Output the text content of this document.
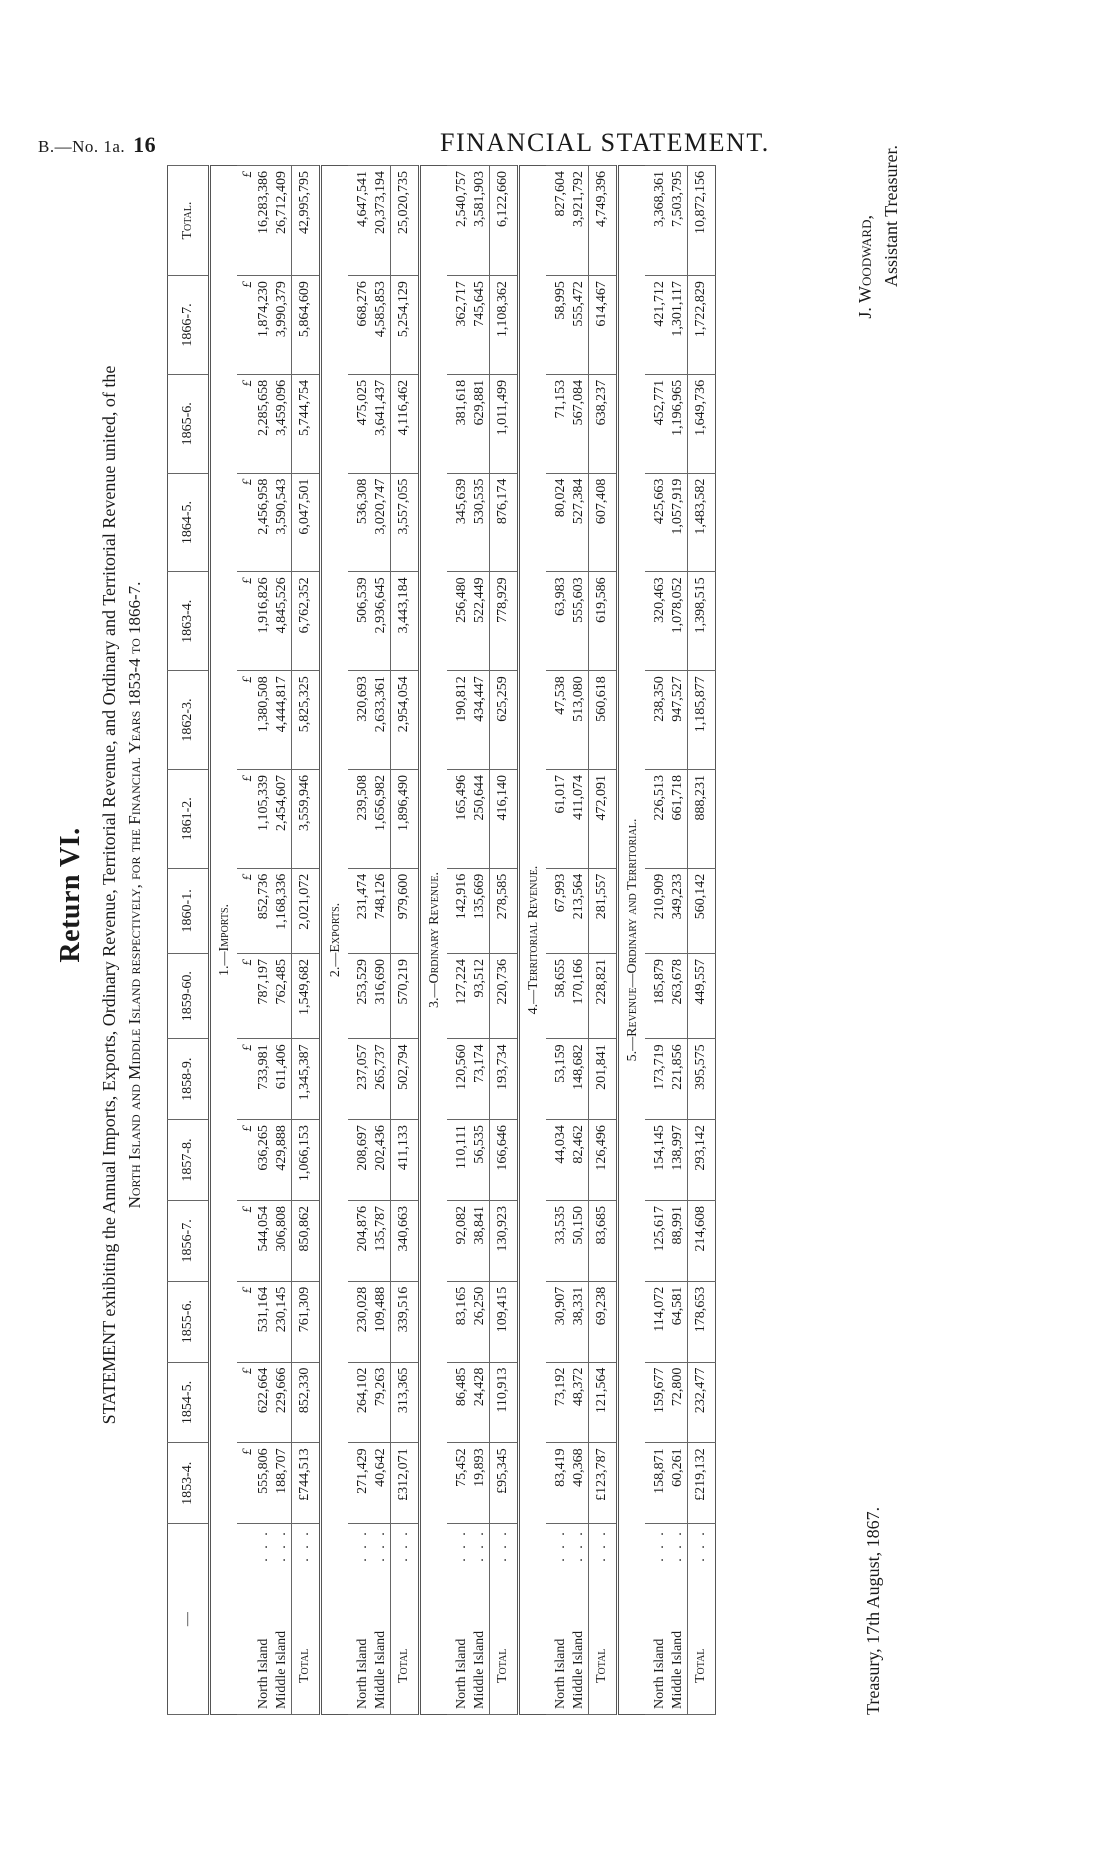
B.—No. 1a. 16	FINANCIAL STATEMENT.
Return VI. STATEMENT exhibiting the Annual Imports, Exports, Ordinary Revenue, Territorial Revenue, and Ordinary and Territorial Revenue united, of the North Island and Middle Island respectively, for the Financial Years 1853-4 to 1866-7.
—	1853-4.	1854-5.	1855-6.	1856-7.	1857-8.	1858-9.	1859-60.	1860-1.	1861-2.	1862-3.	1863-4.	1864-5.	1865-6.	1866-7.	Total.
1.—Imports.															
	£	£	£	£	£	£	£	£	£	£	£	£	£	£	£

. . .
North Island	555,806	622,664	531,164	544,054	636,265	733,981	787,197	852,736	1,105,339	1,380,508	1,916,826	2,456,958	2,285,658	1,874,230	16,283,386

. . .
Middle Island	188,707	229,666	230,145	306,808	429,888	611,406	762,485	1,168,336	2,454,607	4,444,817	4,845,526	3,590,543	3,459,096	3,990,379	26,712,409

. . .
Total	£744,513	852,330	761,309	850,862	1,066,153	1,345,387	1,549,682	2,021,072	3,559,946	5,825,325	6,762,352	6,047,501	5,744,754	5,864,609	42,995,795
2.—Exports.															

. . .
North Island	271,429	264,102	230,028	204,876	208,697	237,057	253,529	231,474	239,508	320,693	506,539	536,308	475,025	668,276	4,647,541

. . .
Middle Island	40,642	79,263	109,488	135,787	202,436	265,737	316,690	748,126	1,656,982	2,633,361	2,936,645	3,020,747	3,641,437	4,585,853	20,373,194

. . .
Total	£312,071	313,365	339,516	340,663	411,133	502,794	570,219	979,600	1,896,490	2,954,054	3,443,184	3,557,055	4,116,462	5,254,129	25,020,735
3.—Ordinary Revenue.															

. . .
North Island	75,452	86,485	83,165	92,082	110,111	120,560	127,224	142,916	165,496	190,812	256,480	345,639	381,618	362,717	2,540,757

. . .
Middle Island	19,893	24,428	26,250	38,841	56,535	73,174	93,512	135,669	250,644	434,447	522,449	530,535	629,881	745,645	3,581,903

. . .
Total	£95,345	110,913	109,415	130,923	166,646	193,734	220,736	278,585	416,140	625,259	778,929	876,174	1,011,499	1,108,362	6,122,660
4.—Territorial Revenue.															

. . .
North Island	83,419	73,192	30,907	33,535	44,034	53,159	58,655	67,993	61,017	47,538	63,983	80,024	71,153	58,995	827,604

. . .
Middle Island	40,368	48,372	38,331	50,150	82,462	148,682	170,166	213,564	411,074	513,080	555,603	527,384	567,084	555,472	3,921,792

. . .
Total	£123,787	121,564	69,238	83,685	126,496	201,841	228,821	281,557	472,091	560,618	619,586	607,408	638,237	614,467	4,749,396
5.—Revenue—Ordinary and Territorial.															

. . .
North Island	158,871	159,677	114,072	125,617	154,145	173,719	185,879	210,909	226,513	238,350	320,463	425,663	452,771	421,712	3,368,361

. . .
Middle Island	60,261	72,800	64,581	88,991	138,997	221,856	263,678	349,233	661,718	947,527	1,078,052	1,057,919	1,196,965	1,301,117	7,503,795

. . .
Total	£219,132	232,477	178,653	214,608	293,142	395,575	449,557	560,142	888,231	1,185,877	1,398,515	1,483,582	1,649,736	1,722,829	10,872,156
Treasury, 17th August, 1867.
J. Woodward, Assistant Treasurer.
